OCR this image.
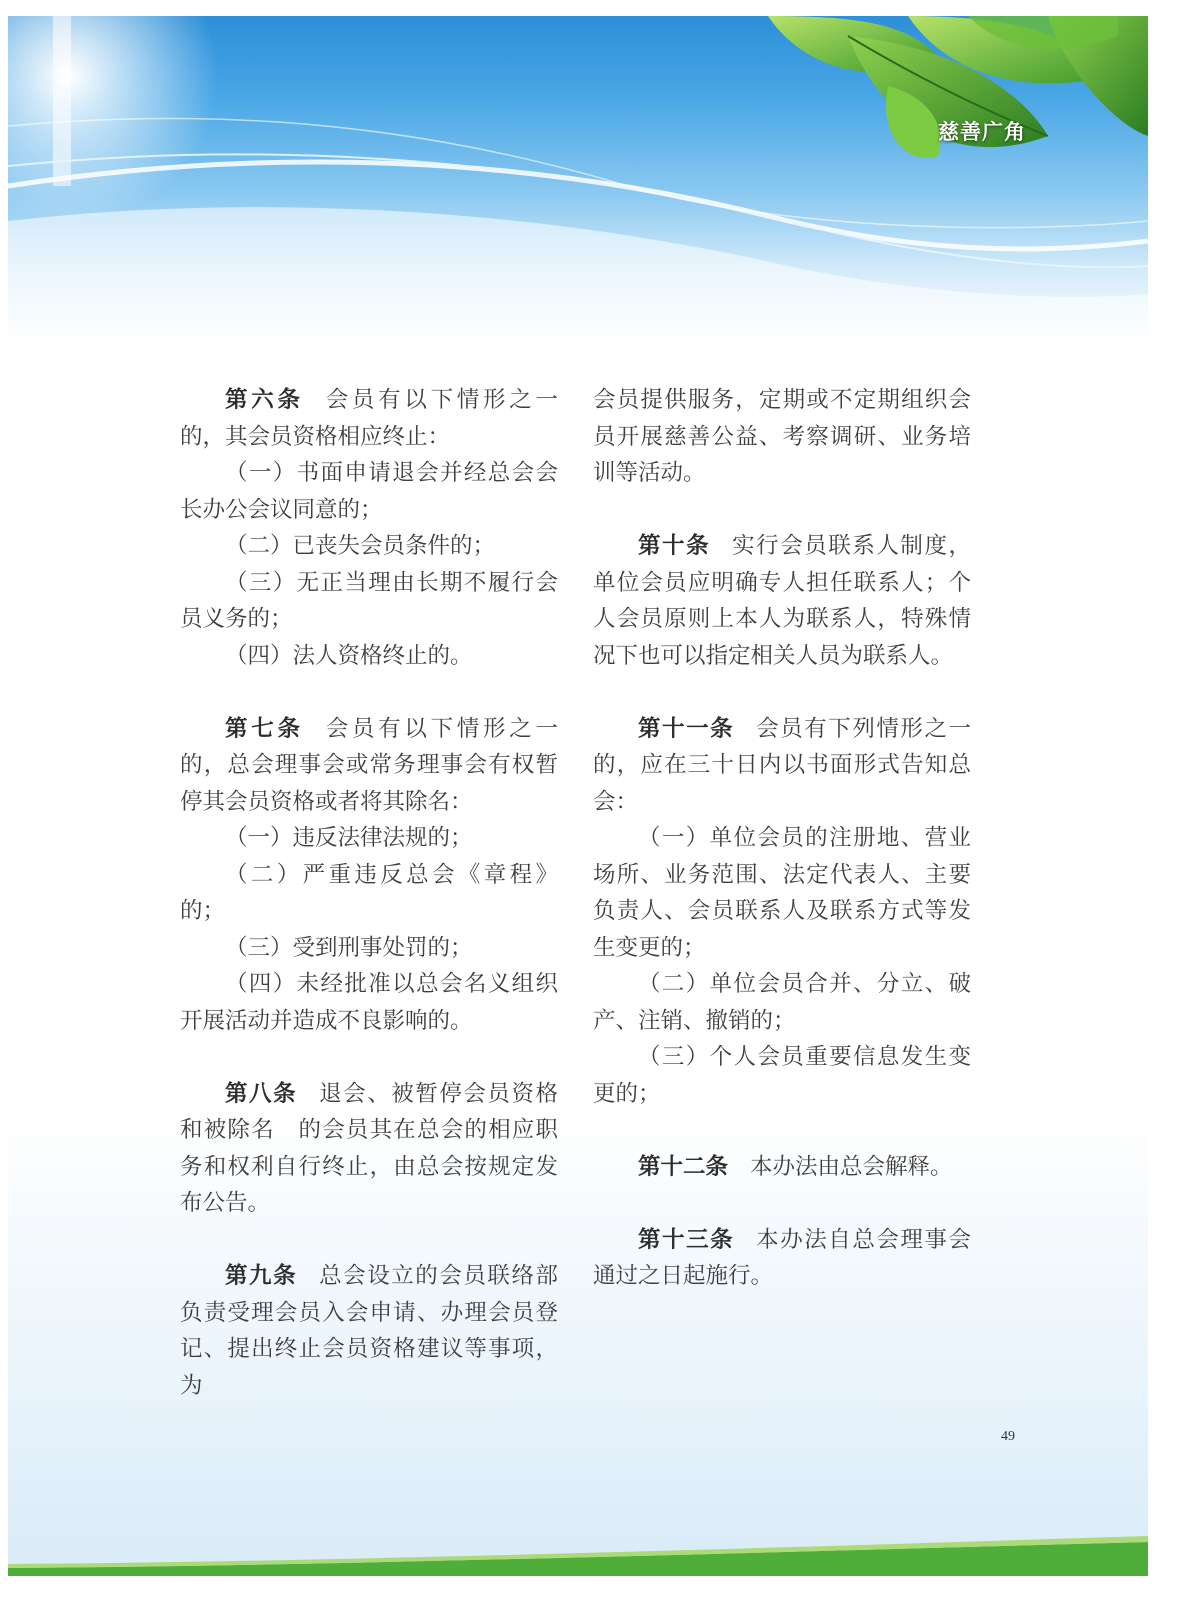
慈善广角

第六条 会员有以下情形之一的，其会员资格相应终止：

（一）书面申请退会并经总会会长办公会议同意的；

（二）已丧失会员条件的；

（三）无正当理由长期不履行会员义务的；

（四）法人资格终止的。

第七条 会员有以下情形之一的，总会理事会或常务理事会有权暂停其会员资格或者将其除名：

（一）违反法律法规的；

（二）严重违反总会《章程》的；

（三）受到刑事处罚的；

（四）未经批准以总会名义组织开展活动并造成不良影响的。

第八条 退会、被暂停会员资格和被除名　的会员其在总会的相应职务和权利自行终止，由总会按规定发布公告。

第九条 总会设立的会员联络部负责受理会员入会申请、办理会员登记、提出终止会员资格建议等事项，为

会员提供服务，定期或不定期组织会员开展慈善公益、考察调研、业务培训等活动。

第十条 实行会员联系人制度，单位会员应明确专人担任联系人；个人会员原则上本人为联系人，特殊情况下也可以指定相关人员为联系人。

第十一条 会员有下列情形之一的，应在三十日内以书面形式告知总会：

（一）单位会员的注册地、营业场所、业务范围、法定代表人、主要负责人、会员联系人及联系方式等发生变更的；

（二）单位会员合并、分立、破产、注销、撤销的；

（三）个人会员重要信息发生变更的；

第十二条 本办法由总会解释。

第十三条 本办法自总会理事会通过之日起施行。

49
